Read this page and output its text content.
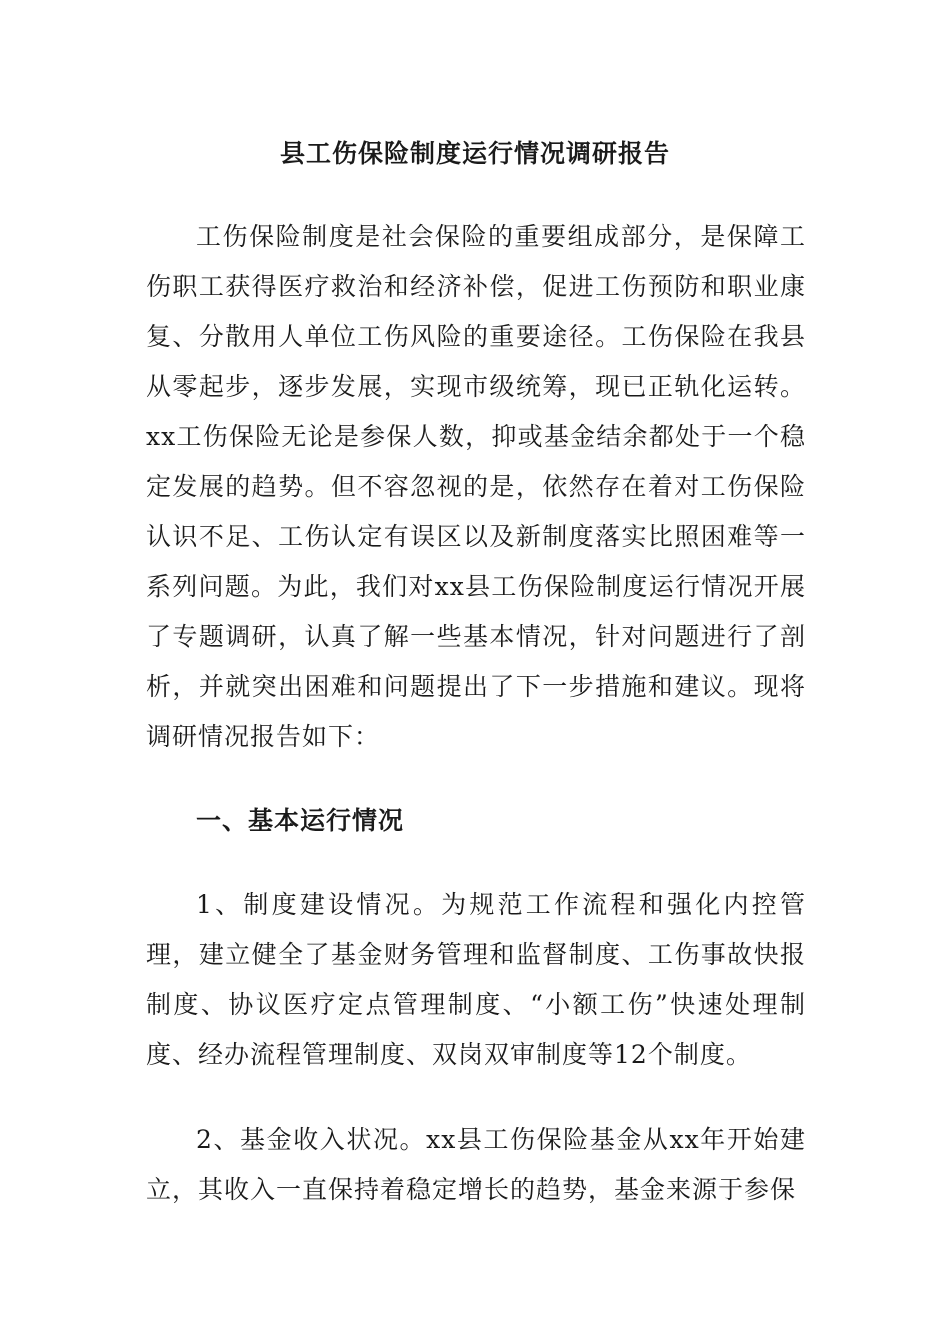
县工伤保险制度运行情况调研报告

工伤保险制度是社会保险的重要组成部分，是保障工伤职工获得医疗救治和经济补偿，促进工伤预防和职业康复、分散用人单位工伤风险的重要途径。工伤保险在我县从零起步，逐步发展，实现市级统筹，现已正轨化运转。xx工伤保险无论是参保人数，抑或基金结余都处于一个稳定发展的趋势。但不容忽视的是，依然存在着对工伤保险认识不足、工伤认定有误区以及新制度落实比照困难等一系列问题。为此，我们对xx县工伤保险制度运行情况开展了专题调研，认真了解一些基本情况，针对问题进行了剖析，并就突出困难和问题提出了下一步措施和建议。现将调研情况报告如下：

一、基本运行情况

1、制度建设情况。为规范工作流程和强化内控管理，建立健全了基金财务管理和监督制度、工伤事故快报制度、协议医疗定点管理制度、“小额工伤”快速处理制度、经办流程管理制度、双岗双审制度等12个制度。

2、基金收入状况。xx县工伤保险基金从xx年开始建立，其收入一直保持着稳定增长的趋势，基金来源于参保
